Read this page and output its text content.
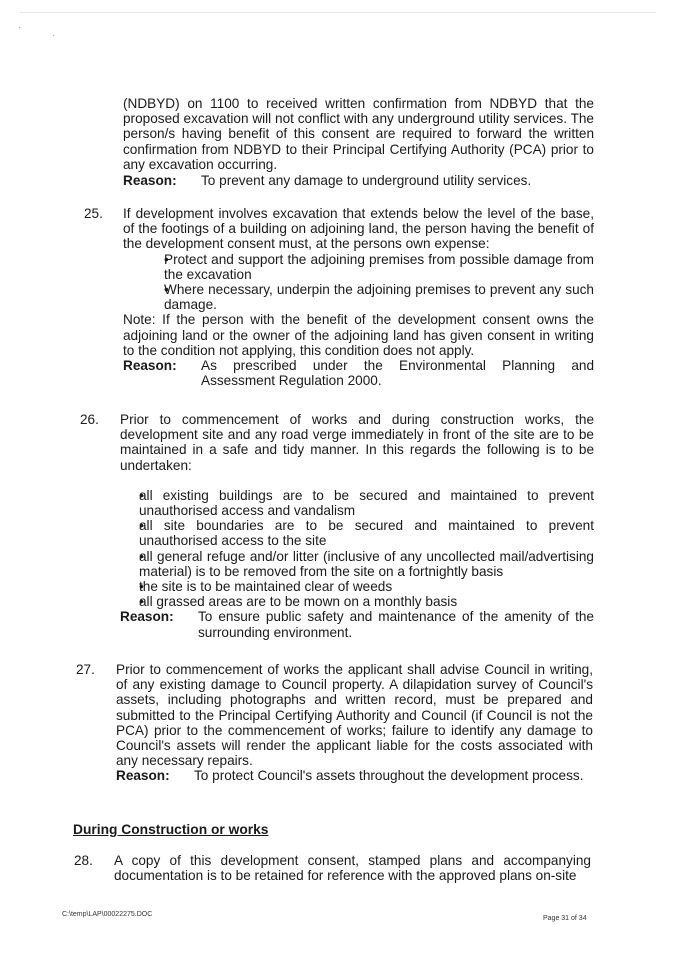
·
·

(NDBYD) on 1100 to received written confirmation from NDBYD that the proposed excavation will not conflict with any underground utility services. The person/s having benefit of this consent are required to forward the written confirmation from NDBYD to their Principal Certifying Authority (PCA) prior to any excavation occurring.

Reason:	To prevent any damage to underground utility services.
25. If development involves excavation that extends below the level of the base, of the footings of a building on adjoining land, the person having the benefit of the development consent must, at the persons own expense:

• Protect and support the adjoining premises from possible damage from the excavation
• Where necessary, underpin the adjoining premises to prevent any such damage.

Note: If the person with the benefit of the development consent owns the adjoining land or the owner of the adjoining land has given consent in writing to the condition not applying, this condition does not apply.

Reason:	As prescribed under the Environmental Planning and Assessment Regulation 2000.
26. Prior to commencement of works and during construction works, the development site and any road verge immediately in front of the site are to be maintained in a safe and tidy manner. In this regards the following is to be undertaken:

• all existing buildings are to be secured and maintained to prevent unauthorised access and vandalism
• all site boundaries are to be secured and maintained to prevent unauthorised access to the site
• all general refuge and/or litter (inclusive of any uncollected mail/advertising material) is to be removed from the site on a fortnightly basis
• the site is to be maintained clear of weeds
• all grassed areas are to be mown on a monthly basis
Reason:	To ensure public safety and maintenance of the amenity of the surrounding environment.
27. Prior to commencement of works the applicant shall advise Council in writing, of any existing damage to Council property. A dilapidation survey of Council's assets, including photographs and written record, must be prepared and submitted to the Principal Certifying Authority and Council (if Council is not the PCA) prior to the commencement of works; failure to identify any damage to Council's assets will render the applicant liable for the costs associated with any necessary repairs.

Reason:	To protect Council's assets throughout the development process.
During Construction or works
28. A copy of this development consent, stamped plans and accompanying documentation is to be retained for reference with the approved plans on-site

C:\temp\LAP\00022275.DOC
Page 31 of 34
